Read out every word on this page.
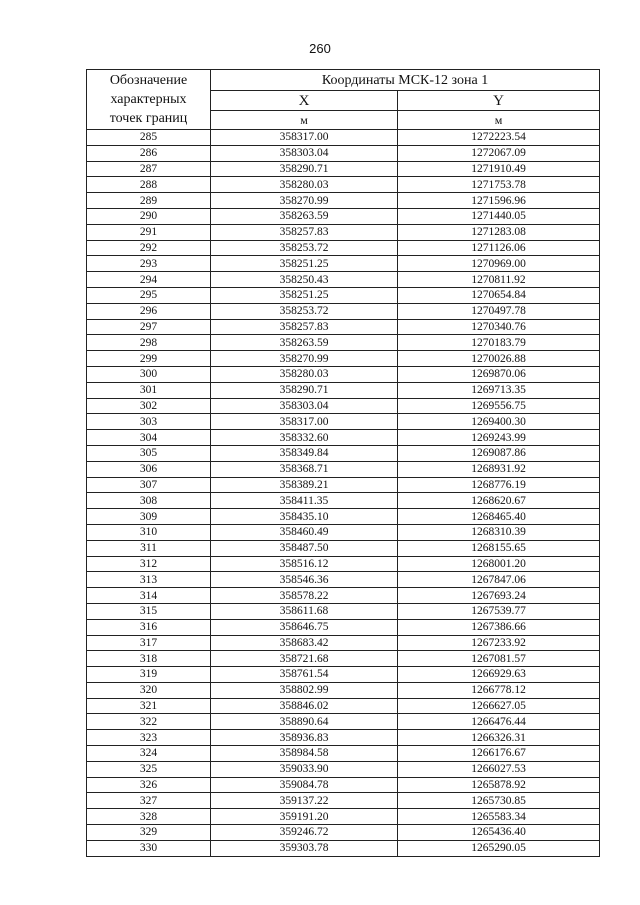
260
Обозначение
характерных
точек границ	Координаты МСК-12 зона 1	
	X	Y
	м	м
285	358317.00	1272223.54
286	358303.04	1272067.09
287	358290.71	1271910.49
288	358280.03	1271753.78
289	358270.99	1271596.96
290	358263.59	1271440.05
291	358257.83	1271283.08
292	358253.72	1271126.06
293	358251.25	1270969.00
294	358250.43	1270811.92
295	358251.25	1270654.84
296	358253.72	1270497.78
297	358257.83	1270340.76
298	358263.59	1270183.79
299	358270.99	1270026.88
300	358280.03	1269870.06
301	358290.71	1269713.35
302	358303.04	1269556.75
303	358317.00	1269400.30
304	358332.60	1269243.99
305	358349.84	1269087.86
306	358368.71	1268931.92
307	358389.21	1268776.19
308	358411.35	1268620.67
309	358435.10	1268465.40
310	358460.49	1268310.39
311	358487.50	1268155.65
312	358516.12	1268001.20
313	358546.36	1267847.06
314	358578.22	1267693.24
315	358611.68	1267539.77
316	358646.75	1267386.66
317	358683.42	1267233.92
318	358721.68	1267081.57
319	358761.54	1266929.63
320	358802.99	1266778.12
321	358846.02	1266627.05
322	358890.64	1266476.44
323	358936.83	1266326.31
324	358984.58	1266176.67
325	359033.90	1266027.53
326	359084.78	1265878.92
327	359137.22	1265730.85
328	359191.20	1265583.34
329	359246.72	1265436.40
330	359303.78	1265290.05
